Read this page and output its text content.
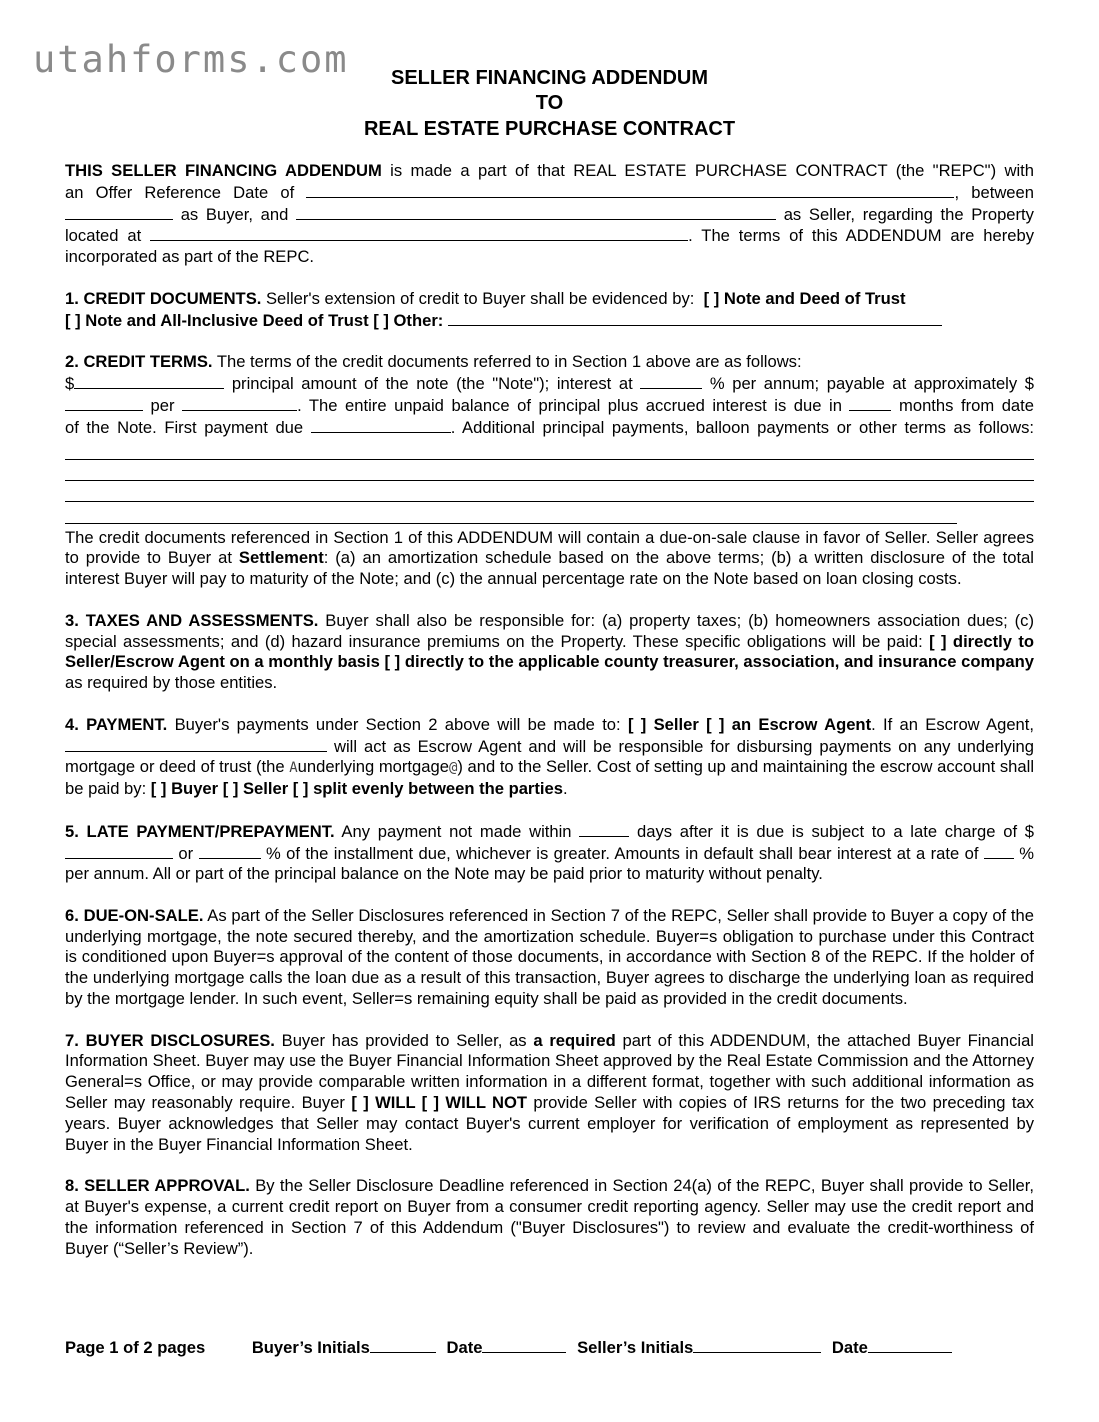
utahforms.com	SELLER FINANCING ADDENDUM
TO
REAL ESTATE PURCHASE CONTRACT

THIS SELLER FINANCING ADDENDUM is made a part of that REAL ESTATE PURCHASE CONTRACT (the "REPC") with

an Offer Reference Date of	, between

as Buyer, and	as Seller, regarding the Property

located at	. The terms of this ADDENDUM are hereby

incorporated as part of the REPC.

1. CREDIT DOCUMENTS. Seller's extension of credit to Buyer shall be evidenced by: [ ] Note and Deed of Trust

[ ] Note and All-Inclusive Deed of Trust [ ] Other:

2. CREDIT TERMS. The terms of the credit documents referred to in Section 1 above are as follows:

$	principal amount of the note (the "Note"); interest at	% per annum; payable at approximately $

per	. The entire unpaid balance of principal plus accrued interest is due in	months from date

of the Note. First payment due	. Additional principal payments, balloon payments or other terms as follows:

The credit documents referenced in Section 1 of this ADDENDUM will contain a due-on-sale clause in favor of Seller. Seller agrees to provide to Buyer at Settlement: (a) an amortization schedule based on the above terms; (b) a written disclosure of the total interest Buyer will pay to maturity of the Note; and (c) the annual percentage rate on the Note based on loan closing costs.

3. TAXES AND ASSESSMENTS. Buyer shall also be responsible for: (a) property taxes; (b) homeowners association dues; (c) special assessments; and (d) hazard insurance premiums on the Property. These specific obligations will be paid: [ ] directly to Seller/Escrow Agent on a monthly basis [ ] directly to the applicable county treasurer, association, and insurance company as required by those entities.

4. PAYMENT. Buyer's payments under Section 2 above will be made to: [ ] Seller [ ] an Escrow Agent. If an Escrow Agent,  will act as Escrow Agent and will be responsible for disbursing payments on any underlying mortgage or deed of trust (the Aunderlying mortgage@) and to the Seller. Cost of setting up and maintaining the escrow account shall be paid by: [ ] Buyer [ ] Seller [ ] split evenly between the parties.

5. LATE PAYMENT/PREPAYMENT. Any payment not made within	days after it is due is subject to a late charge of $  or	% of the installment due, whichever is greater. Amounts in default shall bear interest at a rate of  % per annum. All or part of the principal balance on the Note may be paid prior to maturity without penalty.

6. DUE-ON-SALE. As part of the Seller Disclosures referenced in Section 7 of the REPC, Seller shall provide to Buyer a copy of the underlying mortgage, the note secured thereby, and the amortization schedule. Buyer=s obligation to purchase under this Contract is conditioned upon Buyer=s approval of the content of those documents, in accordance with Section 8 of the REPC. If the holder of the underlying mortgage calls the loan due as a result of this transaction, Buyer agrees to discharge the underlying loan as required by the mortgage lender. In such event, Seller=s remaining equity shall be paid as provided in the credit documents.

7. BUYER DISCLOSURES. Buyer has provided to Seller, as a required part of this ADDENDUM, the attached Buyer Financial Information Sheet. Buyer may use the Buyer Financial Information Sheet approved by the Real Estate Commission and the Attorney General=s Office, or may provide comparable written information in a different format, together with such additional information as Seller may reasonably require. Buyer [ ] WILL [ ] WILL NOT provide Seller with copies of IRS returns for the two preceding tax years. Buyer acknowledges that Seller may contact Buyer's current employer for verification of employment as represented by Buyer in the Buyer Financial Information Sheet.

8. SELLER APPROVAL. By the Seller Disclosure Deadline referenced in Section 24(a) of the REPC, Buyer shall provide to Seller, at Buyer's expense, a current credit report on Buyer from a consumer credit reporting agency. Seller may use the credit report and the information referenced in Section 7 of this Addendum ("Buyer Disclosures") to review and evaluate the credit-worthiness of Buyer (“Seller’s Review”).

Page 1 of 2 pages	Buyer’s Initials	Date	Seller’s Initials	Date
